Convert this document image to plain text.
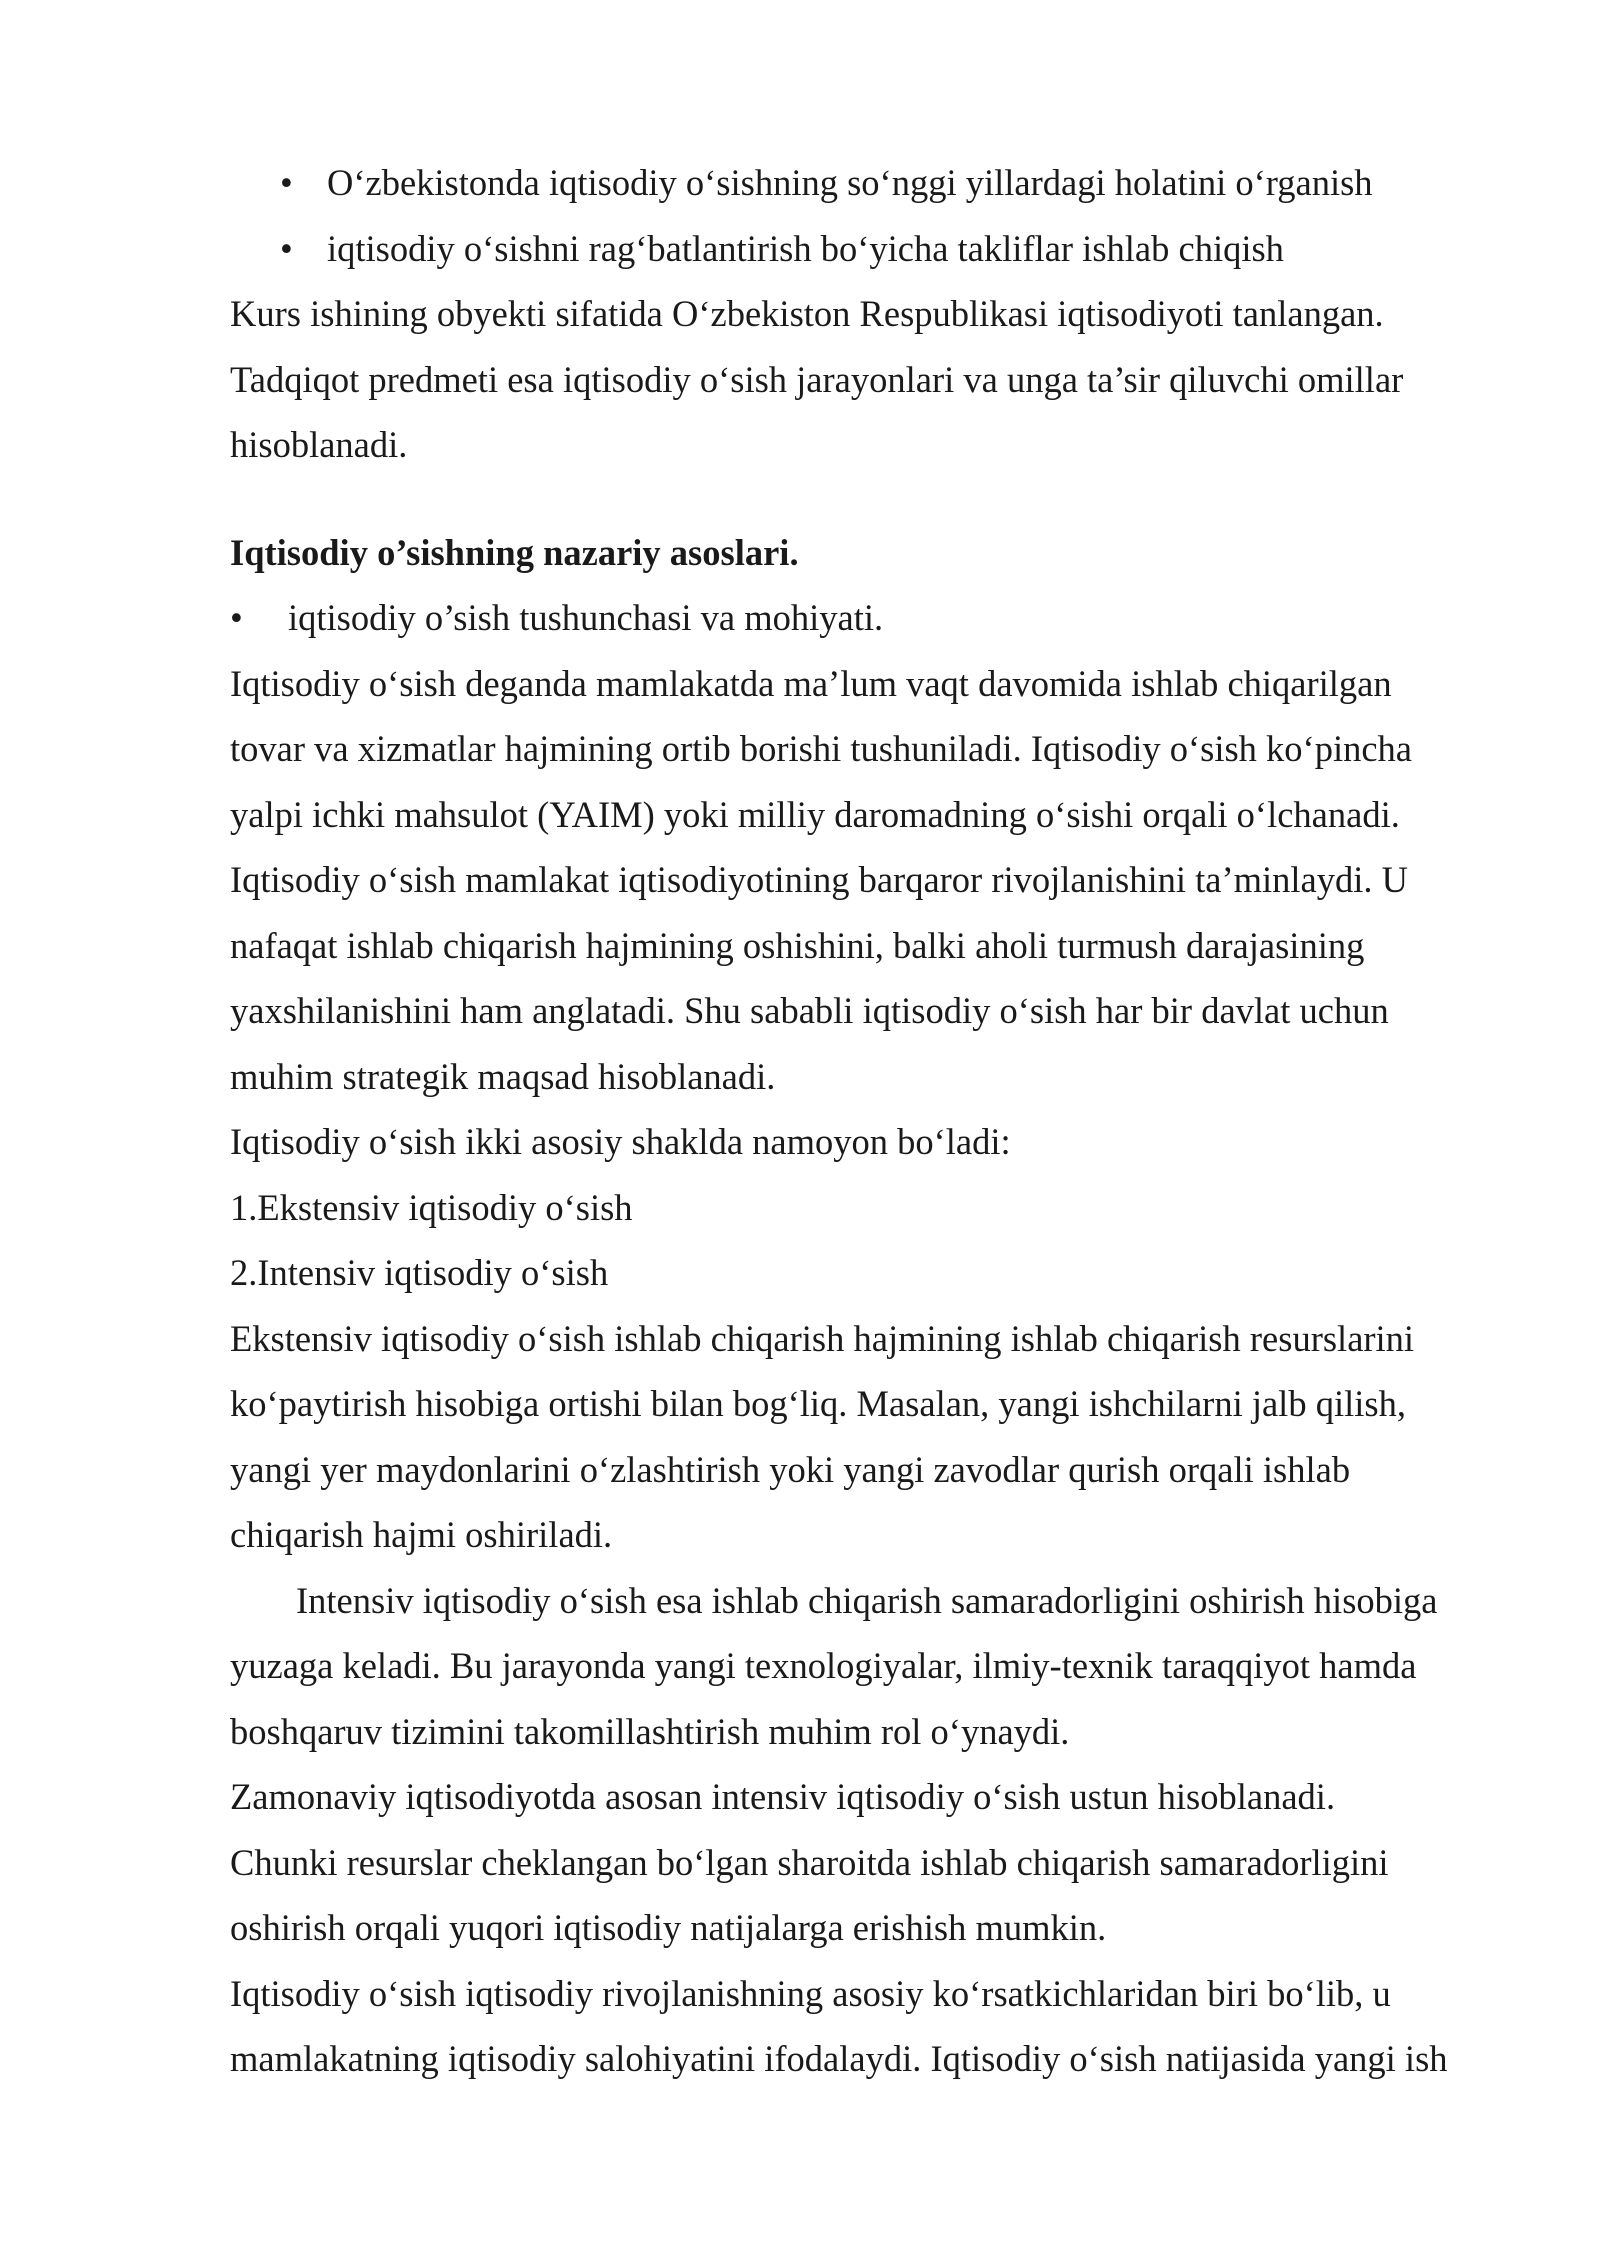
• O‘zbekistonda iqtisodiy o‘sishning so‘nggi yillardagi holatini o‘rganish
• iqtisodiy o‘sishni rag‘batlantirish bo‘yicha takliflar ishlab chiqish
Kurs ishining obyekti sifatida O‘zbekiston Respublikasi iqtisodiyoti tanlangan.
Tadqiqot predmeti esa iqtisodiy o‘sish jarayonlari va unga ta’sir qiluvchi omillar
hisoblanadi.
Iqtisodiy o’sishning nazariy asoslari.
• iqtisodiy o’sish tushunchasi va mohiyati.
Iqtisodiy o‘sish deganda mamlakatda ma’lum vaqt davomida ishlab chiqarilgan
tovar va xizmatlar hajmining ortib borishi tushuniladi. Iqtisodiy o‘sish ko‘pincha
yalpi ichki mahsulot (YAIM) yoki milliy daromadning o‘sishi orqali o‘lchanadi.
Iqtisodiy o‘sish mamlakat iqtisodiyotining barqaror rivojlanishini ta’minlaydi. U
nafaqat ishlab chiqarish hajmining oshishini, balki aholi turmush darajasining
yaxshilanishini ham anglatadi. Shu sababli iqtisodiy o‘sish har bir davlat uchun
muhim strategik maqsad hisoblanadi.
Iqtisodiy o‘sish ikki asosiy shaklda namoyon bo‘ladi:
1.Ekstensiv iqtisodiy o‘sish
2.Intensiv iqtisodiy o‘sish
Ekstensiv iqtisodiy o‘sish ishlab chiqarish hajmining ishlab chiqarish resurslarini
ko‘paytirish hisobiga ortishi bilan bog‘liq. Masalan, yangi ishchilarni jalb qilish,
yangi yer maydonlarini o‘zlashtirish yoki yangi zavodlar qurish orqali ishlab
chiqarish hajmi oshiriladi.
Intensiv iqtisodiy o‘sish esa ishlab chiqarish samaradorligini oshirish hisobiga
yuzaga keladi. Bu jarayonda yangi texnologiyalar, ilmiy-texnik taraqqiyot hamda
boshqaruv tizimini takomillashtirish muhim rol o‘ynaydi.
Zamonaviy iqtisodiyotda asosan intensiv iqtisodiy o‘sish ustun hisoblanadi.
Chunki resurslar cheklangan bo‘lgan sharoitda ishlab chiqarish samaradorligini
oshirish orqali yuqori iqtisodiy natijalarga erishish mumkin.
Iqtisodiy o‘sish iqtisodiy rivojlanishning asosiy ko‘rsatkichlaridan biri bo‘lib, u
mamlakatning iqtisodiy salohiyatini ifodalaydi. Iqtisodiy o‘sish natijasida yangi ish
